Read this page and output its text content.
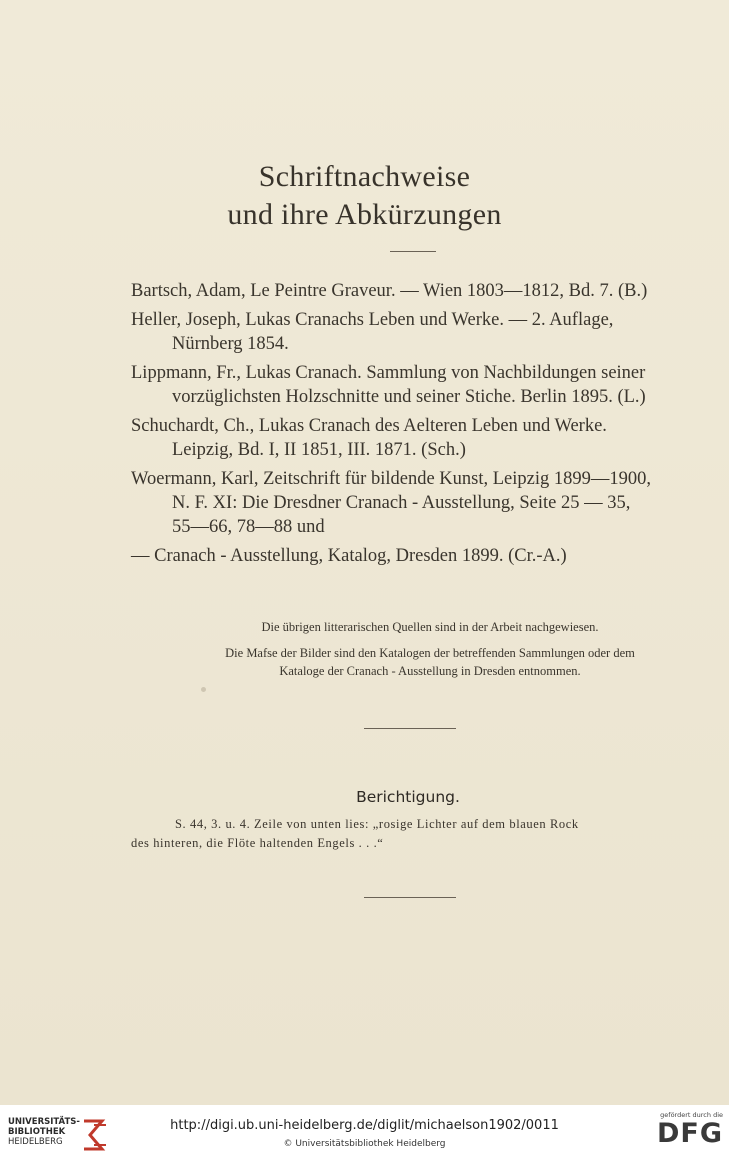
Schriftnachweise
und ihre Abkürzungen
Bartsch, Adam, Le Peintre Graveur. — Wien 1803—1812, Bd. 7. (B.)
Heller, Joseph, Lukas Cranachs Leben und Werke. — 2. Auflage,
Nürnberg 1854.
Lippmann, Fr., Lukas Cranach. Sammlung von Nachbildungen seiner
vorzüglichsten Holzschnitte und seiner Stiche. Berlin 1895. (L.)
Schuchardt, Ch., Lukas Cranach des Aelteren Leben und Werke.
Leipzig, Bd. I, II 1851, III. 1871. (Sch.)
Woermann, Karl, Zeitschrift für bildende Kunst, Leipzig 1899—1900,
N. F. XI: Die Dresdner Cranach - Ausstellung, Seite 25 — 35,
55—66, 78—88 und
— Cranach - Ausstellung, Katalog, Dresden 1899. (Cr.-A.)
Die übrigen litterarischen Quellen sind in der Arbeit nachgewiesen.
Die Mafse der Bilder sind den Katalogen der betreffenden Sammlungen oder dem
Kataloge der Cranach - Ausstellung in Dresden entnommen.
Berichtigung.
S. 44, 3. u. 4. Zeile von unten lies: „rosige Lichter auf dem blauen Rock
des hinteren, die Flöte haltenden Engels . . .“
UNIVERSITÄTS-
BIBLIOTHEK
HEIDELBERG
http://digi.ub.uni-heidelberg.de/diglit/michaelson1902/0011
© Universitätsbibliothek Heidelberg
gefördert durch die
DFG
